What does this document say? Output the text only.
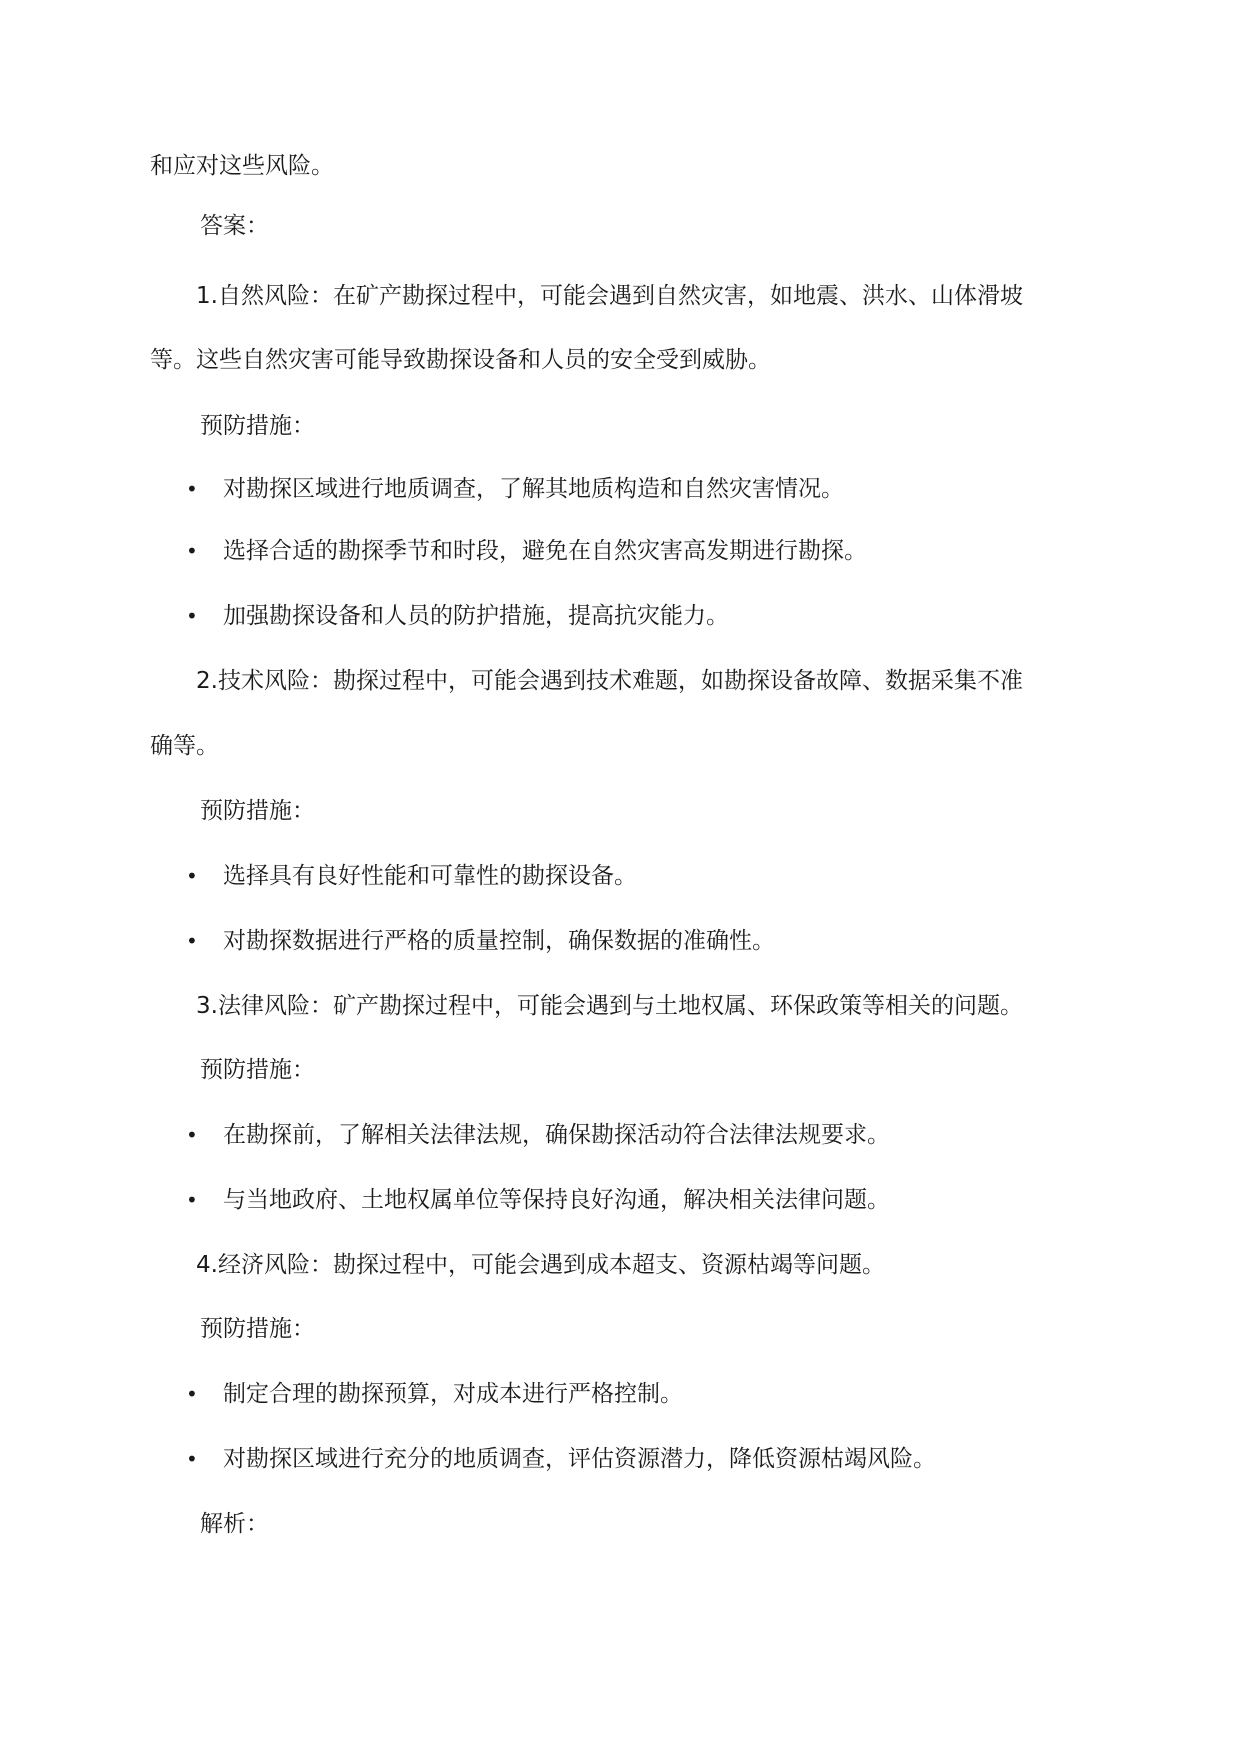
和应对这些风险。
答案：
1.自然风险：在矿产勘探过程中，可能会遇到自然灾害，如地震、洪水、山体滑坡
等。这些自然灾害可能导致勘探设备和人员的安全受到威胁。
预防措施：
• 对勘探区域进行地质调查，了解其地质构造和自然灾害情况。
• 选择合适的勘探季节和时段，避免在自然灾害高发期进行勘探。
• 加强勘探设备和人员的防护措施，提高抗灾能力。
2.技术风险：勘探过程中，可能会遇到技术难题，如勘探设备故障、数据采集不准
确等。
预防措施：
• 选择具有良好性能和可靠性的勘探设备。
• 对勘探数据进行严格的质量控制，确保数据的准确性。
3.法律风险：矿产勘探过程中，可能会遇到与土地权属、环保政策等相关的问题。
预防措施：
• 在勘探前，了解相关法律法规，确保勘探活动符合法律法规要求。
• 与当地政府、土地权属单位等保持良好沟通，解决相关法律问题。
4.经济风险：勘探过程中，可能会遇到成本超支、资源枯竭等问题。
预防措施：
• 制定合理的勘探预算，对成本进行严格控制。
• 对勘探区域进行充分的地质调查，评估资源潜力，降低资源枯竭风险。
解析：
